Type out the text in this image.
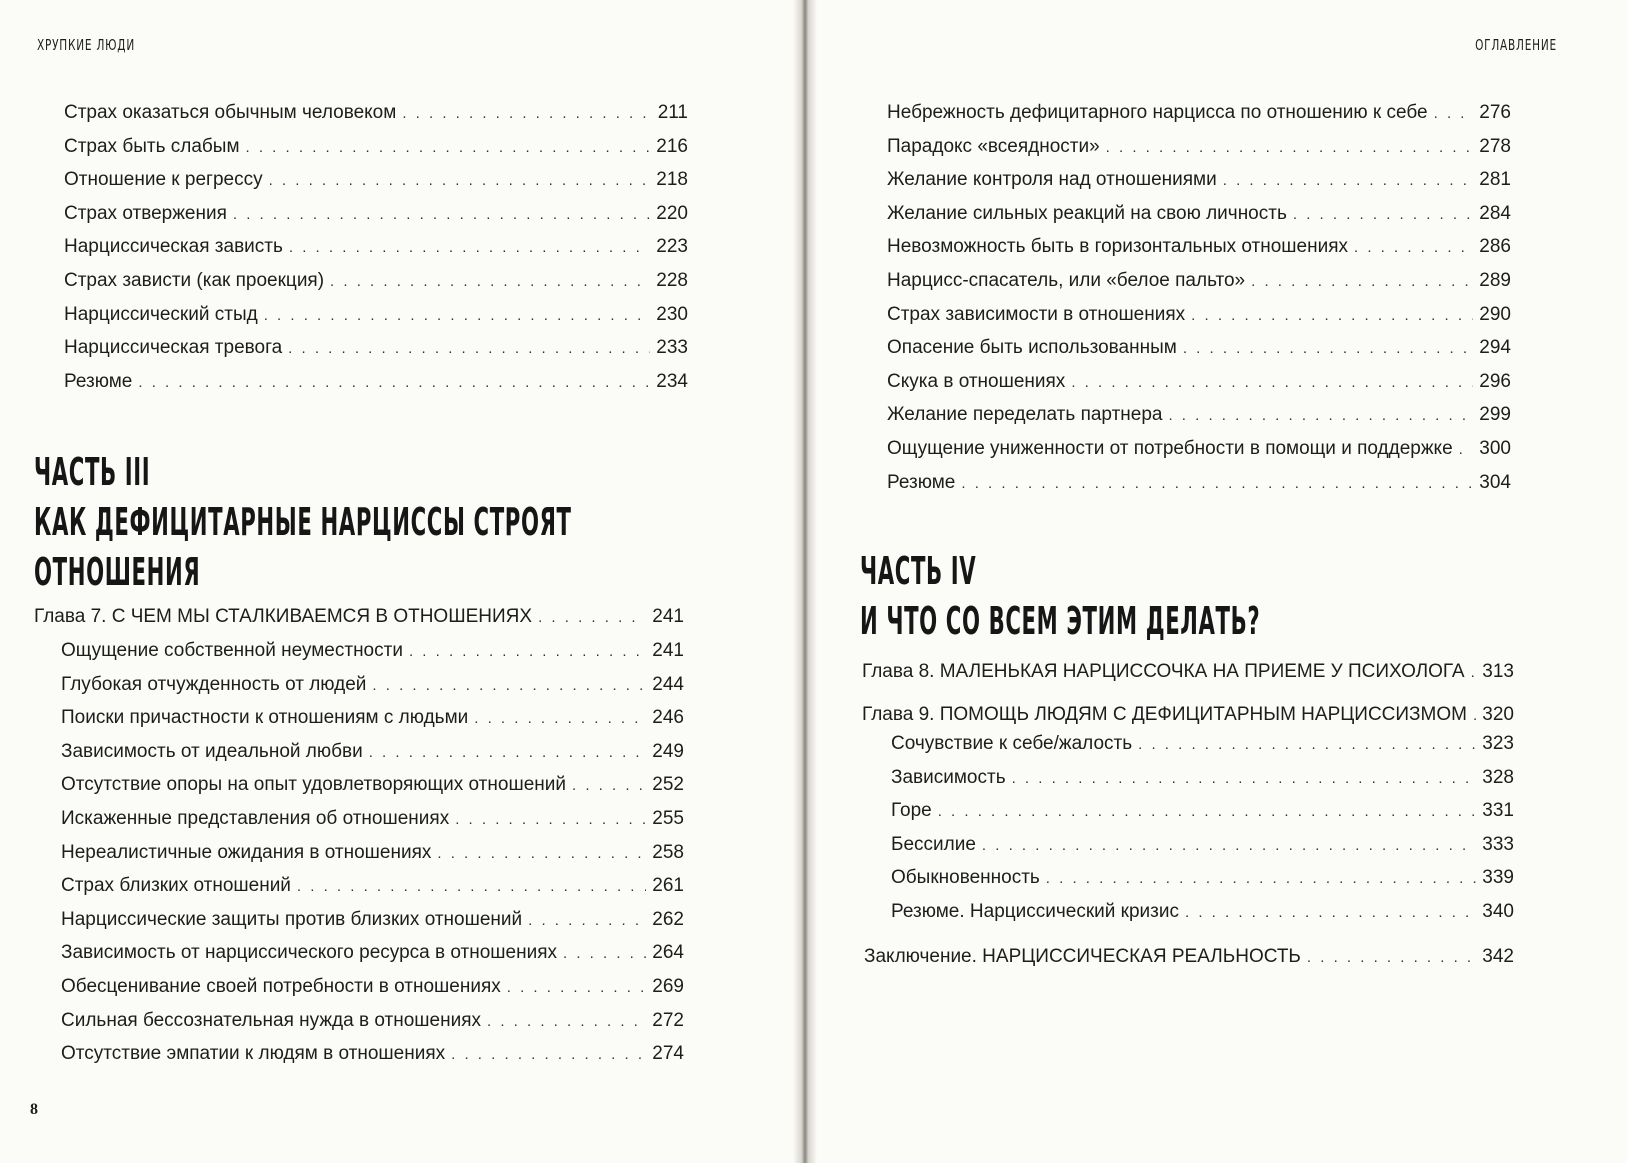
ХРУПКИЕ ЛЮДИ	ОГЛАВЛЕНИЕ
Страх оказаться обычным человеком . . .	211
Страх быть слабым . . .	216
Отношение к регрессу . . .	218
Страх отвержения . . .	220
Нарциссическая зависть . . .	223
Страх зависти (как проекция) . . .	228
Нарциссический стыд . . .	230
Нарциссическая тревога . . .	233
Резюме . . .	234
ЧАСТЬ III
КАК ДЕФИЦИТАРНЫЕ НАРЦИССЫ СТРОЯТ
ОТНОШЕНИЯ
Глава 7. С ЧЕМ МЫ СТАЛКИВАЕМСЯ В ОТНОШЕНИЯХ . . .	241
Ощущение собственной неуместности . . .	241
Глубокая отчужденность от людей . . .	244
Поиски причастности к отношениям с людьми . . .	246
Зависимость от идеальной любви . . .	249
Отсутствие опоры на опыт удовлетворяющих отношений . . .	252
Искаженные представления об отношениях . . .	255
Нереалистичные ожидания в отношениях . . .	258
Страх близких отношений . . .	261
Нарциссические защиты против близких отношений . . .	262
Зависимость от нарциссического ресурса в отношениях . . .	264
Обесценивание своей потребности в отношениях . . .	269
Сильная бессознательная нужда в отношениях . . .	272
Отсутствие эмпатии к людям в отношениях . . .	274
8
Небрежность дефицитарного нарцисса по отношению к себе . . .	276
Парадокс «всеядности» . . .	278
Желание контроля над отношениями . . .	281
Желание сильных реакций на свою личность . . .	284
Невозможность быть в горизонтальных отношениях . . .	286
Нарцисс-спасатель, или «белое пальто» . . .	289
Страх зависимости в отношениях . . .	290
Опасение быть использованным . . .	294
Скука в отношениях . . .	296
Желание переделать партнера . . .	299
Ощущение униженности от потребности в помощи и поддержке . . . 300
Резюме . . .	304
ЧАСТЬ IV
И ЧТО СО ВСЕМ ЭТИМ ДЕЛАТЬ?
Глава 8. МАЛЕНЬКАЯ НАРЦИССОЧКА НА ПРИЕМЕ У ПСИХОЛОГА . . . 313
Глава 9. ПОМОЩЬ ЛЮДЯМ С ДЕФИЦИТАРНЫМ НАРЦИССИЗМОМ . . . 320
Сочувствие к себе/жалость . . .	323
Зависимость . . .	328
Горе . . .	331
Бессилие . . .	333
Обыкновенность . . .	339
Резюме. Нарциссический кризис . . .	340
Заключение. НАРЦИССИЧЕСКАЯ РЕАЛЬНОСТЬ . . .	342
